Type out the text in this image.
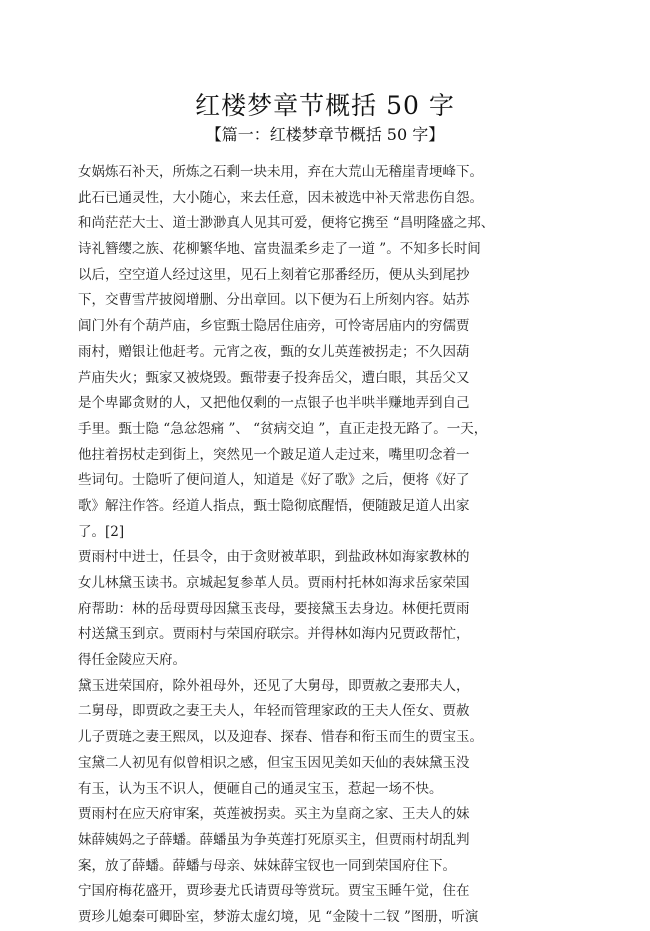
红楼梦章节概括 50 字
【篇一：红楼梦章节概括 50 字】
女娲炼石补天，所炼之石剩一块未用，弃在大荒山无稽崖青埂峰下。
此石已通灵性，大小随心，来去任意，因未被选中补天常悲伤自怨。
和尚茫茫大士、道士渺渺真人见其可爱，便将它携至 “昌明隆盛之邦、
诗礼簪缨之族、花柳繁华地、富贵温柔乡走了一道 ”。不知多长时间
以后，空空道人经过这里，见石上刻着它那番经历，便从头到尾抄
下，交曹雪芹披阅增删、分出章回。以下便为石上所刻内容。姑苏
阊门外有个葫芦庙，乡宦甄士隐居住庙旁，可怜寄居庙内的穷儒贾
雨村，赠银让他赶考。元宵之夜，甄的女儿英莲被拐走；不久因葫
芦庙失火；甄家又被烧毁。甄带妻子投奔岳父，遭白眼，其岳父又
是个卑鄙贪财的人，又把他仅剩的一点银子也半哄半赚地弄到自己
手里。甄士隐 “急忿怨痛 ”、 “贫病交迫 ”，直正走投无路了。一天，
他拄着拐杖走到街上，突然见一个跛足道人走过来，嘴里叨念着一
些词句。士隐听了便问道人，知道是《好了歌》之后，便将《好了
歌》解注作答。经道人指点，甄士隐彻底醒悟，便随跛足道人出家
了。[2]
贾雨村中进士，任县令，由于贪财被革职，到盐政林如海家教林的
女儿林黛玉读书。京城起复参革人员。贾雨村托林如海求岳家荣国
府帮助：林的岳母贾母因黛玉丧母，要接黛玉去身边。林便托贾雨
村送黛玉到京。贾雨村与荣国府联宗。并得林如海内兄贾政帮忙，
得任金陵应天府。
黛玉进荣国府，除外祖母外，还见了大舅母，即贾赦之妻邢夫人，
二舅母，即贾政之妻王夫人，年轻而管理家政的王夫人侄女、贾赦
儿子贾琏之妻王熙凤，以及迎春、探春、惜春和衔玉而生的贾宝玉。
宝黛二人初见有似曾相识之感，但宝玉因见美如天仙的表妹黛玉没
有玉，认为玉不识人，便砸自己的通灵宝玉，惹起一场不快。
贾雨村在应天府审案，英莲被拐卖。买主为皇商之家、王夫人的妹
妹薛姨妈之子薛蟠。薛蟠虽为争英莲打死原买主，但贾雨村胡乱判
案，放了薛蟠。薛蟠与母亲、妹妹薛宝钗也一同到荣国府住下。
宁国府梅花盛开，贾珍妻尤氏请贾母等赏玩。贾宝玉睡午觉，住在
贾珍儿媳秦可卿卧室，梦游太虚幻境，见 “金陵十二钗 ”图册，听演
